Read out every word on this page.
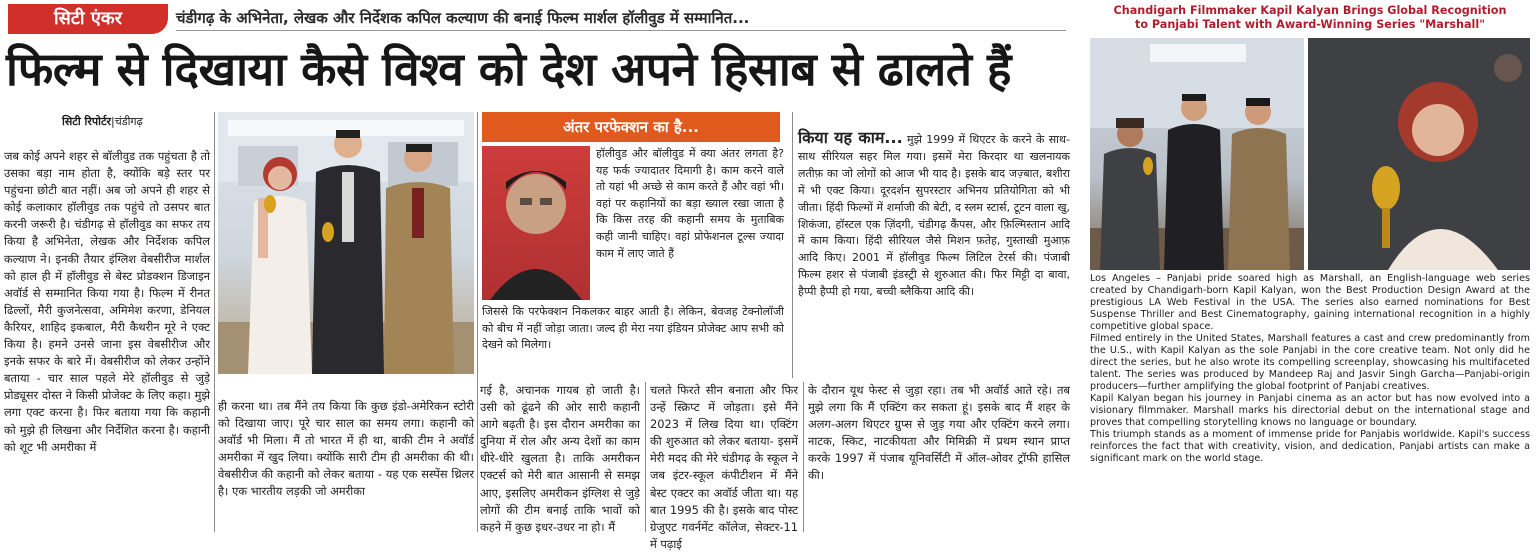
सिटी एंकर	चंडीगढ़ के अभिनेता, लेखक और निर्देशक कपिल कल्याण की बनाई फिल्म मार्शल हॉलीवुड में सम्मानित...
फिल्म से दिखाया कैसे विश्व को देश अपने हिसाब से ढालते हैं
सिटी रिपोर्टर|चंडीगढ़
जब कोई अपने शहर से बॉलीवुड तक पहुंचता है तो उसका बड़ा नाम होता है, क्योंकि बड़े स्तर पर पहुंचना छोटी बात नहीं। अब जो अपने ही शहर से कोई कलाकार हॉलीवुड तक पहुंचे तो उसपर बात करनी जरूरी है। चंडीगढ़ से हॉलीवुड का सफर तय किया है अभिनेता, लेखक और निर्देशक कपिल कल्याण ने। इनकी तैयार इंग्लिश वेबसीरीज मार्शल को हाल ही में हॉलीवुड से बेस्ट प्रोडक्शन डिजाइन अवॉर्ड से सम्मानित किया गया है। फिल्म में रीनत ढिल्लों, मैरी कुजनेत्सवा, अमिमेश करणा, डेनियल कैरियर, शाहिद इकबाल, मैरी कैथरीन मूरे ने एक्ट किया है। हमने उनसे जाना इस वेबसीरीज और इनके सफर के बारे में। वेबसीरीज को लेकर उन्होंने बताया - चार साल पहले मेरे हॉलीवुड से जुड़े प्रोड्यूसर दोस्त ने किसी प्रोजेक्ट के लिए कहा। मुझे लगा एक्ट करना है। फिर बताया गया कि कहानी को मुझे ही लिखना और निर्देशित करना है। कहानी को शूट भी अमरीका में
ही करना था। तब मैंने तय किया कि कुछ इंडो-अमेरिकन स्टोरी को दिखाया जाए। पूरे चार साल का समय लगा। कहानी को अवॉर्ड भी मिला। मैं तो भारत में ही था, बाकी टीम ने अवॉर्ड अमरीका में खुद लिया। क्योंकि सारी टीम ही अमरीका की थी। वेबसीरीज की कहानी को लेकर बताया - यह एक सस्पेंस थ्रिलर है। एक भारतीय लड़की जो अमरीका
अंतर परफेक्शन का है...
हॉलीवुड और बॉलीवुड में क्या अंतर लगता है? यह फर्क ज्यादातर दिमागी है। काम करने वाले तो यहां भी अच्छे से काम करते हैं और वहां भी। वहां पर कहानियों का बड़ा ख्याल रखा जाता है कि किस तरह की कहानी समय के मुताबिक कही जानी चाहिए। वहां प्रोफेशनल टूल्स ज्यादा काम में लाए जाते हैं
जिससे कि परफेक्शन निकलकर बाहर आती है। लेकिन, बेवजह टेक्नोलॉजी को बीच में नहीं जोड़ा जाता। जल्द ही मेरा नया इंडियन प्रोजेक्ट आप सभी को देखने को मिलेगा।
किया यह काम... मुझे 1999 में थिएटर के करने के साथ-साथ सीरियल सहर मिल गया। इसमें मेरा किरदार था खलनायक लतीफ़ का जो लोगों को आज भी याद है। इसके बाद जज़्बात, बशीरा में भी एक्ट किया। दूरदर्शन सुपरस्टार अभिनय प्रतियोगिता को भी जीता। हिंदी फिल्मों में शर्माजी की बेटी, द स्लम स्टार्स, टूटन वाला खु, शिकंजा, हॉस्टल एक ज़िंदगी, चंडीगढ़ कैंपस, और फ़िल्मिस्तान आदि में काम किया। हिंदी सीरियल जैसे मिशन फ़तेह, गुस्ताखी मुआफ़ आदि किए। 2001 में हॉलीवुड फिल्म लिटिल टेरर्स की। पंजाबी फिल्म हशर से पंजाबी इंडस्ट्री से शुरुआत की। फिर मिट्टी दा बावा, हैप्पी हैप्पी हो गया, बच्ची ब्लैकिया आदि की।
गई है, अचानक गायब हो जाती है। उसी को ढूंढने की ओर सारी कहानी आगे बढ़ती है। इस दौरान अमरीका का दुनिया में रोल और अन्य देशों का काम धीरे-धीरे खुलता है। ताकि अमरीकन एक्टर्स को मेरी बात आसानी से समझ आए, इसलिए अमरीकन इंग्लिश से जुड़े लोगों की टीम बनाई ताकि भावों को कहने में कुछ इधर-उधर ना हो। मैं
चलते फिरते सीन बनाता और फिर उन्हें स्क्रिप्ट में जोड़ता। इसे मैंने 2023 में लिख दिया था। एक्टिंग की शुरुआत को लेकर बताया- इसमें मेरी मदद की मेरे चंडीगढ़ के स्कूल ने जब इंटर-स्कूल कंपीटीशन में मैंने बेस्ट एक्टर का अवॉर्ड जीता था। यह बात 1995 की है। इसके बाद पोस्ट ग्रेजुएट गवर्नमेंट कॉलेज, सेक्टर-11 में पढ़ाई
के दौरान यूथ फेस्ट से जुड़ा रहा। तब भी अवॉर्ड आते रहे। तब मुझे लगा कि मैं एक्टिंग कर सकता हूं। इसके बाद मैं शहर के अलग-अलग थिएटर ग्रुप्स से जुड़ गया और एक्टिंग करने लगा। नाटक, स्किट, नाटकीयता और मिमिक्री में प्रथम स्थान प्राप्त करके 1997 में पंजाब यूनिवर्सिटी में ऑल-ओवर ट्रॉफी हासिल की।
Chandigarh Filmmaker Kapil Kalyan Brings Global Recognition
to Panjabi Talent with Award-Winning Series "Marshall"

Los Angeles – Panjabi pride soared high as Marshall, an English-language web series created by Chandigarh-born Kapil Kalyan, won the Best Production Design Award at the prestigious LA Web Festival in the USA. The series also earned nominations for Best Suspense Thriller and Best Cinematography, gaining international recognition in a highly competitive global space.

Filmed entirely in the United States, Marshall features a cast and crew predominantly from the U.S., with Kapil Kalyan as the sole Panjabi in the core creative team. Not only did he direct the series, but he also wrote its compelling screenplay, showcasing his multifaceted talent. The series was produced by Mandeep Raj and Jasvir Singh Garcha—Panjabi-origin producers—further amplifying the global footprint of Panjabi creatives.

Kapil Kalyan began his journey in Panjabi cinema as an actor but has now evolved into a visionary filmmaker. Marshall marks his directorial debut on the international stage and proves that compelling storytelling knows no language or boundary.

This triumph stands as a moment of immense pride for Panjabis worldwide. Kapil's success reinforces the fact that with creativity, vision, and dedication, Panjabi artists can make a significant mark on the world stage.
